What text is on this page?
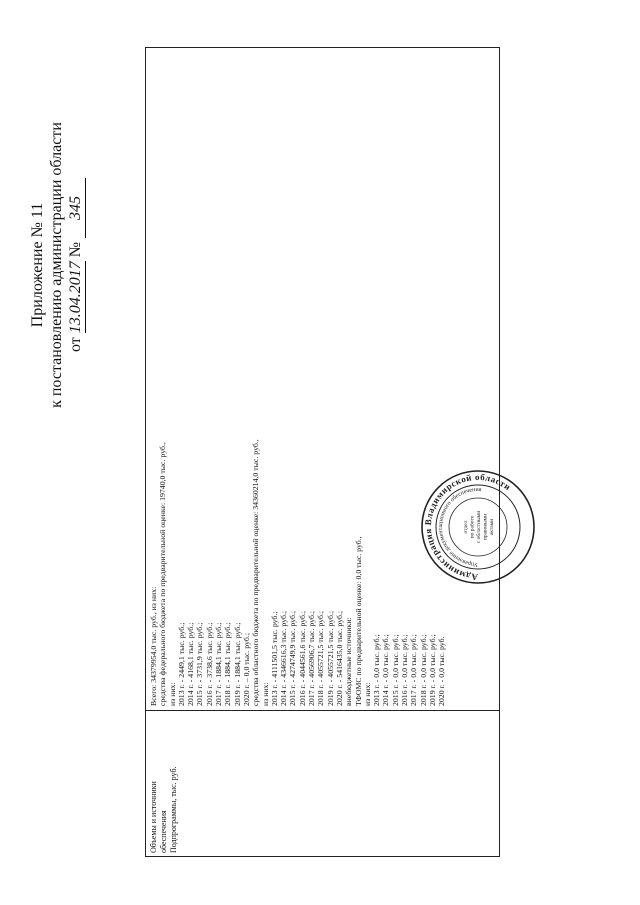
Приложение № 11 к постановлению администрации области от 13.04.2017 № 345
Объемы и источники обеспечения Подпрограммы, тыс. руб.
Всего: 34379954,0 тыс. руб., из них: средства федерального бюджета по предварительной оценке: 19740,0 тыс. руб., из них: 2013 г. - 2449,1 тыс. руб.; 2014 г. - 4168,1 тыс. руб.; 2015 г. - 3731,9 тыс. руб.; 2016 г. - 3738,6 тыс. руб.; 2017 г. - 1884,1 тыс. руб.; 2018 г. - 1884,1 тыс. руб.; 2019 г. - 1884,1 тыс. руб.; 2020 г. – 0,0 тыс. руб.; средства областного бюджета по предварительной оценке: 34360214,0 тыс. руб., из них: 2013 г. - 4111501,5 тыс. руб.; 2014 г. - 4346616,3 тыс. руб.; 2015 г. - 4274749,9 тыс. руб.; 2016 г. - 4044561,6 тыс. руб.; 2017 г. - 4056906,7 тыс. руб.; 2018 г. - 4055721,5 тыс. руб.; 2019 г. - 4055721,5 тыс. руб.; 2020 г. - 5416435,0 тыс. руб.; внебюджетные источники: ТФОМС по предварительной оценке: 0,0 тыс. руб., из них: 2013 г. - 0,0 тыс. руб.; 2014 г. - 0,0 тыс. руб.; 2015 г. - 0,0 тыс. руб.; 2016 г. - 0,0 тыс. руб.; 2017 г. - 0,0 тыс. руб.; 2018 г. - 0,0 тыс. руб.; 2019 г. - 0,0 тыс. руб.; 2020 г. - 0,0 тыс. руб.
Администрация Владимирской области
Управление документационного обеспечения
отдел по работе с областными правовыми актами
